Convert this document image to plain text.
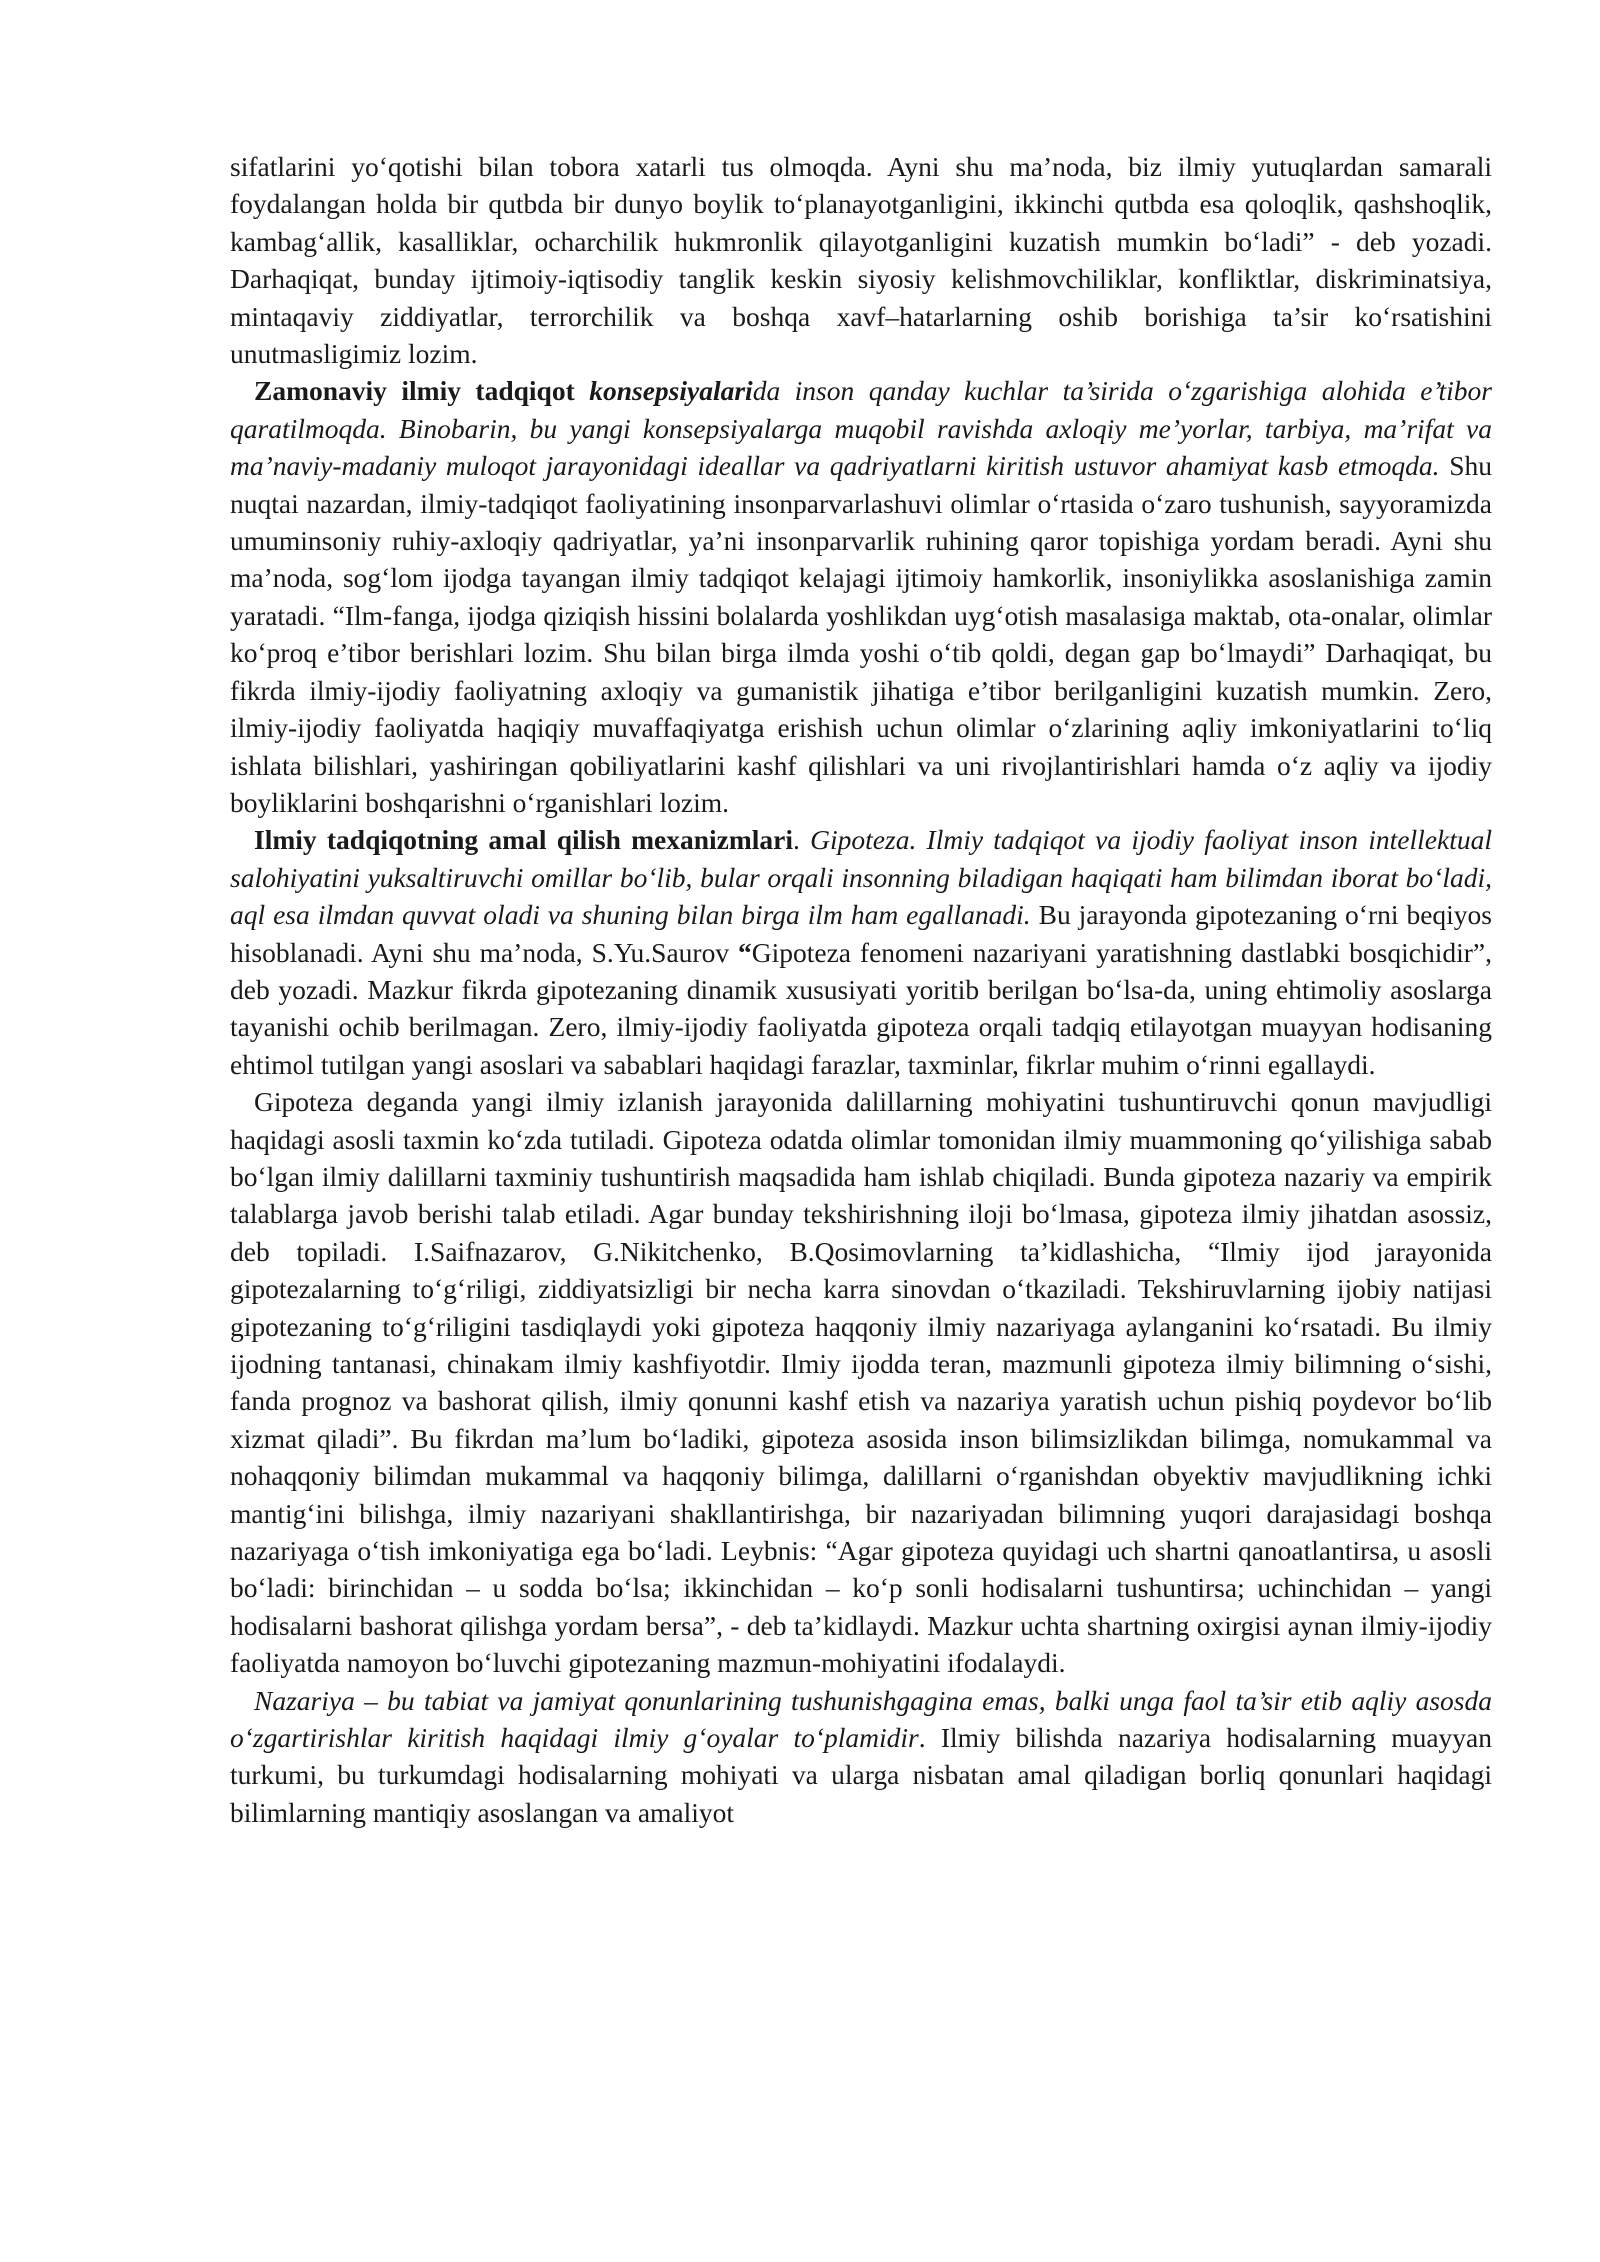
sifatlarini yo‘qotishi bilan tobora xatarli tus olmoqda. Ayni shu ma’noda, biz ilmiy yutuqlardan samarali foydalangan holda bir qutbda bir dunyo boylik to‘planayotganligini, ikkinchi qutbda esa qoloqlik, qashshoqlik, kambag‘allik, kasalliklar, ocharchilik hukmronlik qilayotganligini kuzatish mumkin bo‘ladi” - deb yozadi. Darhaqiqat, bunday ijtimoiy-iqtisodiy tanglik keskin siyosiy kelishmovchiliklar, konfliktlar, diskriminatsiya, mintaqaviy ziddiyatlar, terrorchilik va boshqa xavf–hatarlarning oshib borishiga ta’sir ko‘rsatishini unutmasligimiz lozim.

Zamonaviy ilmiy tadqiqot konsepsiyalarida inson qanday kuchlar ta’sirida o‘zgarishiga alohida e’tibor qaratilmoqda. Binobarin, bu yangi konsepsiyalarga muqobil ravishda axloqiy me’yorlar, tarbiya, ma’rifat va ma’naviy-madaniy muloqot jarayonidagi ideallar va qadriyatlarni kiritish ustuvor ahamiyat kasb etmoqda. Shu nuqtai nazardan, ilmiy-tadqiqot faoliyatining insonparvarlashuvi olimlar o‘rtasida o‘zaro tushunish, sayyoramizda umuminsoniy ruhiy-axloqiy qadriyatlar, ya’ni insonparvarlik ruhining qaror topishiga yordam beradi. Ayni shu ma’noda, sog‘lom ijodga tayangan ilmiy tadqiqot kelajagi ijtimoiy hamkorlik, insoniylikka asoslanishiga zamin yaratadi. “Ilm-fanga, ijodga qiziqish hissini bolalarda yoshlikdan uyg‘otish masalasiga maktab, ota-onalar, olimlar ko‘proq e’tibor berishlari lozim. Shu bilan birga ilmda yoshi o‘tib qoldi, degan gap bo‘lmaydi” Darhaqiqat, bu fikrda ilmiy-ijodiy faoliyatning axloqiy va gumanistik jihatiga e’tibor berilganligini kuzatish mumkin. Zero, ilmiy-ijodiy faoliyatda haqiqiy muvaffaqiyatga erishish uchun olimlar o‘zlarining aqliy imkoniyatlarini to‘liq ishlata bilishlari, yashiringan qobiliyatlarini kashf qilishlari va uni rivojlantirishlari hamda o‘z aqliy va ijodiy boyliklarini boshqarishni o‘rganishlari lozim.

Ilmiy tadqiqotning amal qilish mexanizmlari. Gipoteza. Ilmiy tadqiqot va ijodiy faoliyat inson intellektual salohiyatini yuksaltiruvchi omillar bo‘lib, bular orqali insonning biladigan haqiqati ham bilimdan iborat bo‘ladi, aql esa ilmdan quvvat oladi va shuning bilan birga ilm ham egallanadi. Bu jarayonda gipotezaning o‘rni beqiyos hisoblanadi. Ayni shu ma’noda, S.Yu.Saurov “Gipoteza fenomeni nazariyani yaratishning dastlabki bosqichidir”, deb yozadi. Mazkur fikrda gipotezaning dinamik xususiyati yoritib berilgan bo‘lsa-da, uning ehtimoliy asoslarga tayanishi ochib berilmagan. Zero, ilmiy-ijodiy faoliyatda gipoteza orqali tadqiq etilayotgan muayyan hodisaning ehtimol tutilgan yangi asoslari va sabablari haqidagi farazlar, taxminlar, fikrlar muhim o‘rinni egallaydi.

Gipoteza deganda yangi ilmiy izlanish jarayonida dalillarning mohiyatini tushuntiruvchi qonun mavjudligi haqidagi asosli taxmin ko‘zda tutiladi. Gipoteza odatda olimlar tomonidan ilmiy muammoning qo‘yilishiga sabab bo‘lgan ilmiy dalillarni taxminiy tushuntirish maqsadida ham ishlab chiqiladi. Bunda gipoteza nazariy va empirik talablarga javob berishi talab etiladi. Agar bunday tekshirishning iloji bo‘lmasa, gipoteza ilmiy jihatdan asossiz, deb topiladi. I.Saifnazarov, G.Nikitchenko, B.Qosimovlarning ta’kidlashicha, “Ilmiy ijod jarayonida gipotezalarning to‘g‘riligi, ziddiyatsizligi bir necha karra sinovdan o‘tkaziladi. Tekshiruvlarning ijobiy natijasi gipotezaning to‘g‘riligini tasdiqlaydi yoki gipoteza haqqoniy ilmiy nazariyaga aylanganini ko‘rsatadi. Bu ilmiy ijodning tantanasi, chinakam ilmiy kashfiyotdir. Ilmiy ijodda teran, mazmunli gipoteza ilmiy bilimning o‘sishi, fanda prognoz va bashorat qilish, ilmiy qonunni kashf etish va nazariya yaratish uchun pishiq poydevor bo‘lib xizmat qiladi”. Bu fikrdan ma’lum bo‘ladiki, gipoteza asosida inson bilimsizlikdan bilimga, nomukammal va nohaqqoniy bilimdan mukammal va haqqoniy bilimga, dalillarni o‘rganishdan obyektiv mavjudlikning ichki mantig‘ini bilishga, ilmiy nazariyani shakllantirishga, bir nazariyadan bilimning yuqori darajasidagi boshqa nazariyaga o‘tish imkoniyatiga ega bo‘ladi. Leybnis: “Agar gipoteza quyidagi uch shartni qanoatlantirsa, u asosli bo‘ladi: birinchidan – u sodda bo‘lsa; ikkinchidan – ko‘p sonli hodisalarni tushuntirsa; uchinchidan – yangi hodisalarni bashorat qilishga yordam bersa”, - deb ta’kidlaydi. Mazkur uchta shartning oxirgisi aynan ilmiy-ijodiy faoliyatda namoyon bo‘luvchi gipotezaning mazmun-mohiyatini ifodalaydi.

Nazariya – bu tabiat va jamiyat qonunlarining tushunishgagina emas, balki unga faol ta’sir etib aqliy asosda o‘zgartirishlar kiritish haqidagi ilmiy g‘oyalar to‘plamidir. Ilmiy bilishda nazariya hodisalarning muayyan turkumi, bu turkumdagi hodisalarning mohiyati va ularga nisbatan amal qiladigan borliq qonunlari haqidagi bilimlarning mantiqiy asoslangan va amaliyot
